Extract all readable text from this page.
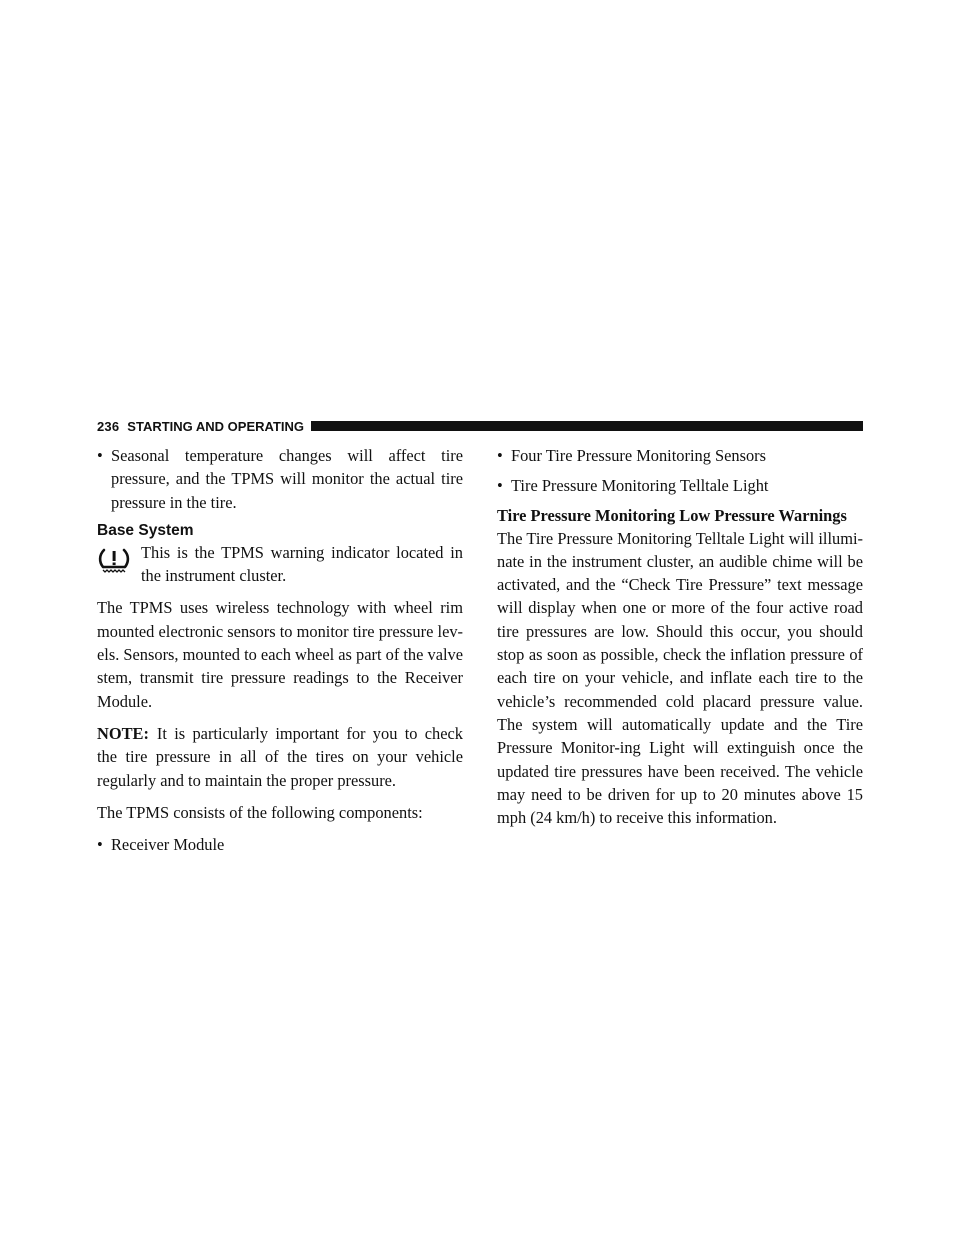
236 STARTING AND OPERATING
• Seasonal temperature changes will affect tire pressure, and the TPMS will monitor the actual tire pressure in the tire.
Base System
This is the TPMS warning indicator located in the instrument cluster.

The TPMS uses wireless technology with wheel rim mounted electronic sensors to monitor tire pressure lev-els. Sensors, mounted to each wheel as part of the valve stem, transmit tire pressure readings to the Receiver Module.

NOTE: It is particularly important for you to check the tire pressure in all of the tires on your vehicle regularly and to maintain the proper pressure.

The TPMS consists of the following components:

• Receiver Module
• Four Tire Pressure Monitoring Sensors
• Tire Pressure Monitoring Telltale Light
Tire Pressure Monitoring Low Pressure Warnings

The Tire Pressure Monitoring Telltale Light will illumi-nate in the instrument cluster, an audible chime will be activated, and the “Check Tire Pressure” text message will display when one or more of the four active road tire pressures are low. Should this occur, you should stop as soon as possible, check the inflation pressure of each tire on your vehicle, and inflate each tire to the vehicle’s recommended cold placard pressure value. The system will automatically update and the Tire Pressure Monitor-ing Light will extinguish once the updated tire pressures have been received. The vehicle may need to be driven for up to 20 minutes above 15 mph (24 km/h) to receive this information.
